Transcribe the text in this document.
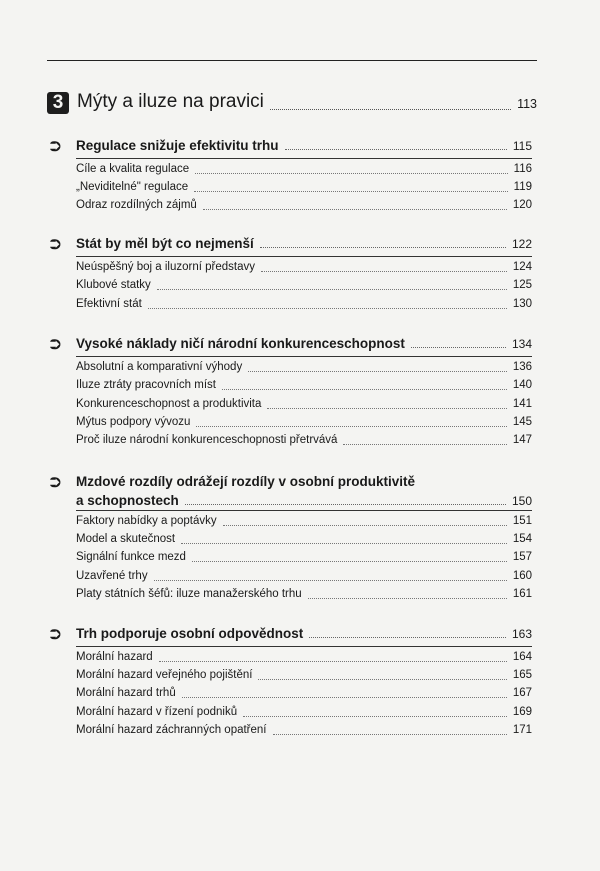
3 Mýty a iluze na pravici	113
⮊	Regulace snižuje efektivitu trhu	115
Cíle a kvalita regulace	116
„Neviditelné" regulace	119
Odraz rozdílných zájmů	120
⮊	Stát by měl být co nejmenší	122
Neúspěšný boj a iluzorní představy	124
Klubové statky	125
Efektivní stát	130
⮊	Vysoké náklady ničí národní konkurenceschopnost	134
Absolutní a komparativní výhody	136
Iluze ztráty pracovních míst	140
Konkurenceschopnost a produktivita	141
Mýtus podpory vývozu	145
Proč iluze národní konkurenceschopnosti přetrvává	147
⮊	Mzdové rozdíly odrážejí rozdíly v osobní produktivitě
a schopnostech	150
Faktory nabídky a poptávky	151
Model a skutečnost	154
Signální funkce mezd	157
Uzavřené trhy	160
Platy státních šéfů: iluze manažerského trhu	161
⮊	Trh podporuje osobní odpovědnost	163
Morální hazard	164
Morální hazard veřejného pojištění	165
Morální hazard trhů	167
Morální hazard v řízení podniků	169
Morální hazard záchranných opatření	171
